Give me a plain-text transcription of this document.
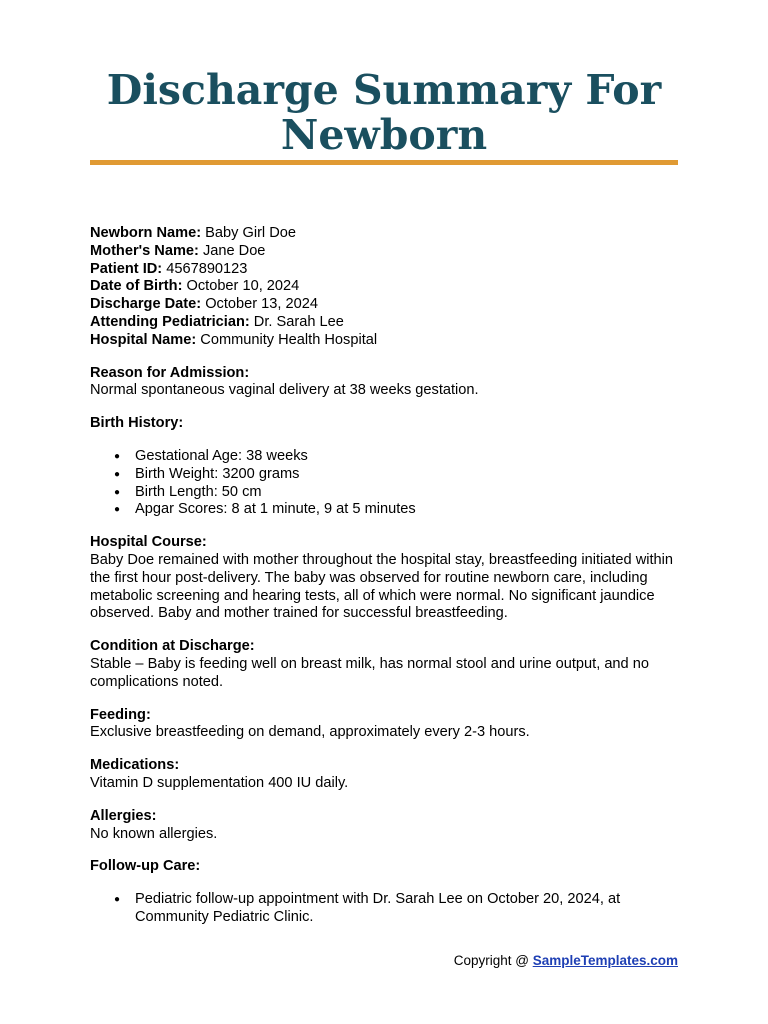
Discharge Summary For Newborn

Newborn Name: Baby Girl Doe

Mother's Name: Jane Doe

Patient ID: 4567890123

Date of Birth: October 10, 2024

Discharge Date: October 13, 2024

Attending Pediatrician: Dr. Sarah Lee

Hospital Name: Community Health Hospital

Reason for Admission:

Normal spontaneous vaginal delivery at 38 weeks gestation.

Birth History:

● Gestational Age: 38 weeks
● Birth Weight: 3200 grams
● Birth Length: 50 cm
● Apgar Scores: 8 at 1 minute, 9 at 5 minutes

Hospital Course:

Baby Doe remained with mother throughout the hospital stay, breastfeeding initiated within the first hour post-delivery. The baby was observed for routine newborn care, including metabolic screening and hearing tests, all of which were normal. No significant jaundice observed. Baby and mother trained for successful breastfeeding.

Condition at Discharge:

Stable – Baby is feeding well on breast milk, has normal stool and urine output, and no complications noted.

Feeding:

Exclusive breastfeeding on demand, approximately every 2-3 hours.

Medications:

Vitamin D supplementation 400 IU daily.

Allergies:

No known allergies.

Follow-up Care:

● Pediatric follow-up appointment with Dr. Sarah Lee on October 20, 2024, at Community Pediatric Clinic.
Copyright @ SampleTemplates.com
